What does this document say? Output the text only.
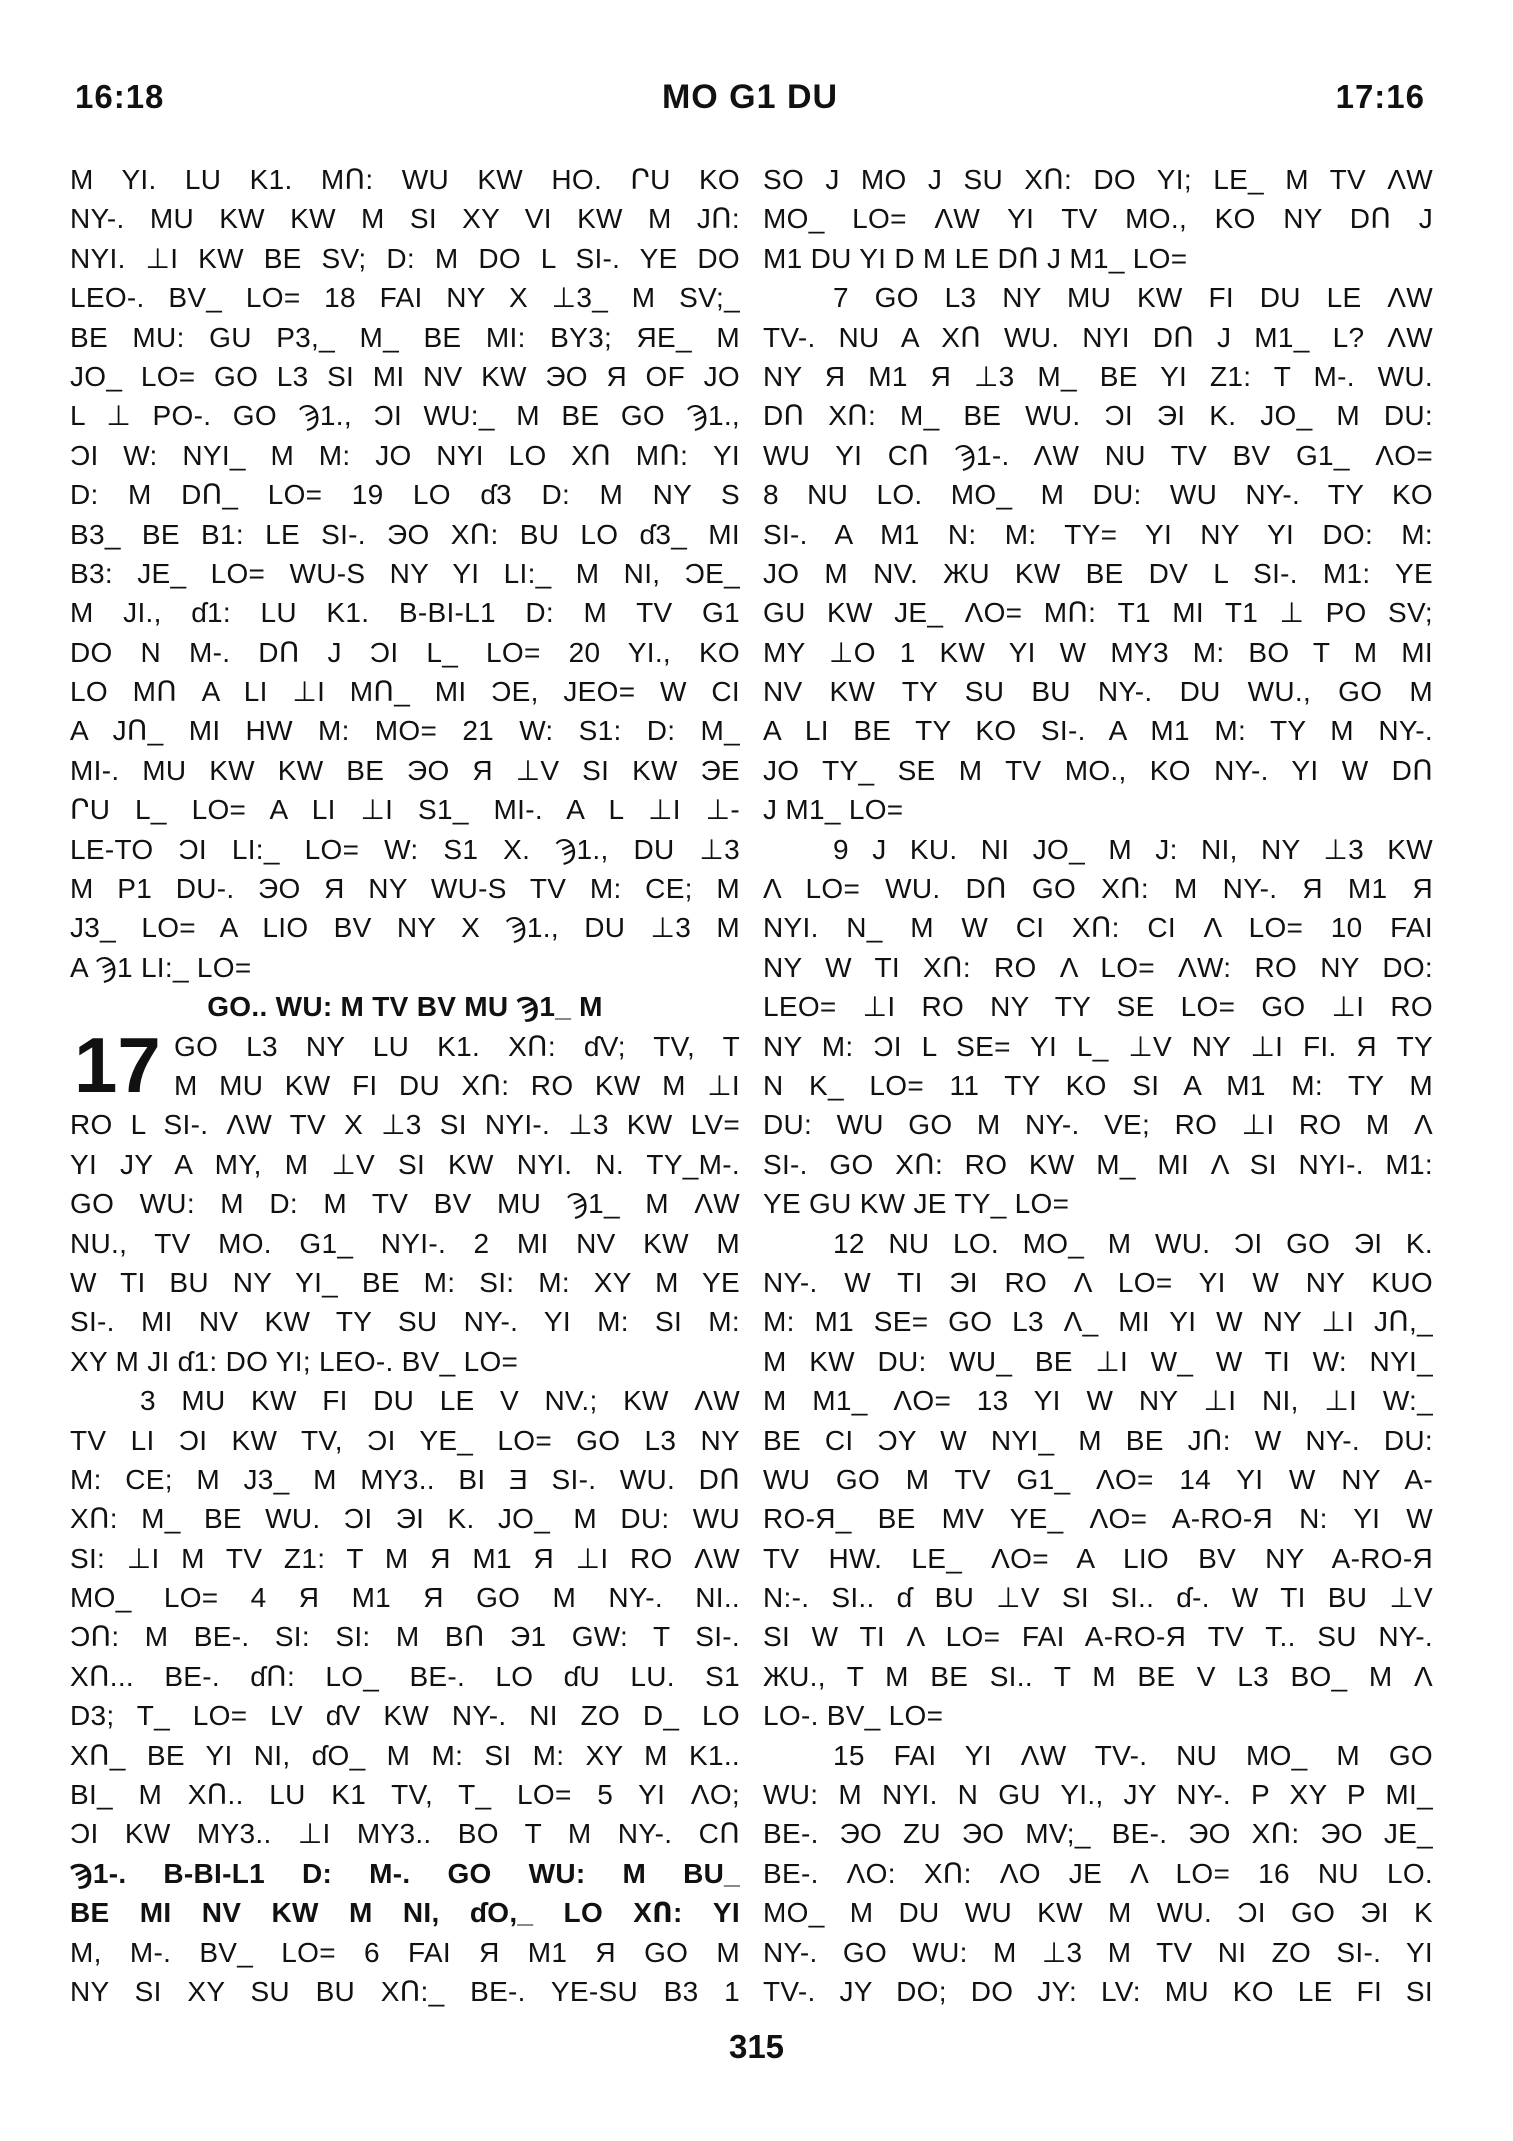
16:18	MO G1 DU	17:16
M YI. LU K1. MՈ: WU KW HO. ՐU KO
NY-. MU KW KW M SI XY VI KW M JՈ:
NYI. ⊥I KW BE SV; D: M DO L SI-. YE DO
LEO-. BV_ LO= 18 FAI NY X ⊥3_ M SV;_
BE MU: GU P3,_ M_ BE MI: BY3; ЯE_ M
JO_ LO= GO L3 SI MI NV KW ЭO Я OF JO
L ⊥ PO-. GO Ϡ1., ƆI WU:_ M BE GO Ϡ1.,
ƆI W: NYI_ M M: JO NYI LO XՈ MՈ: YI
D: M DՈ_ LO= 19 LO ɗ3 D: M NY S
B3_ BE B1: LE SI-. ЭO XՈ: BU LO ɗ3_ MI
B3: JE_ LO= WU-S NY YI LI:_ M NI, ƆE_
M JI., ɗ1: LU K1. B-BI-L1 D: M TV G1
DO N M-. DՈ J ƆI L_ LO= 20 YI., KO
LO MՈ A LI ⊥I MՈ_ MI ƆE, JEO= W CI
A JՈ_ MI HW M: MO= 21 W: S1: D: M_
MI-. MU KW KW BE ЭO Я ⊥V SI KW ЭE
ՐU L_ LO= A LI ⊥I S1_ MI-. A L ⊥I ⊥-
LE-TO ƆI LI:_ LO= W: S1 X. Ϡ1., DU ⊥3
M P1 DU-. ЭO Я NY WU-S TV M: CE; M
J3_ LO= A LIO BV NY X Ϡ1., DU ⊥3 M
A Ϡ1 LI:_ LO=
GO.. WU: M TV BV MU Ϡ1_ M
17 GO L3 NY LU K1. XՈ: ɗV; TV, T
M MU KW FI DU XՈ: RO KW M ⊥I
RO L SI-. ΛW TV X ⊥3 SI NYI-. ⊥3 KW LV=
YI JY A MY, M ⊥V SI KW NYI. N. TY_M-.
GO WU: M D: M TV BV MU Ϡ1_ M ΛW
NU., TV MO. G1_ NYI-. 2 MI NV KW M
W TI BU NY YI_ BE M: SI: M: XY M YE
SI-. MI NV KW TY SU NY-. YI M: SI M:
XY M JI ɗ1: DO YI; LEO-. BV_ LO=
3 MU KW FI DU LE V NV.; KW ΛW
TV LI ƆI KW TV, ƆI YE_ LO= GO L3 NY
M: CE; M J3_ M MY3.. BI Ǝ SI-. WU. DՈ
XՈ: M_ BE WU. ƆI ЭI K. JO_ M DU: WU
SI: ⊥I M TV Z1: T M Я M1 Я ⊥I RO ΛW
MO_ LO= 4 Я M1 Я GO M NY-. NI..
ƆՈ: M BE-. SI: SI: M BՈ Э1 GW: T SI-.
XՈ... BE-. ɗՈ: LO_ BE-. LO ɗU LU. S1
D3; T_ LO= LV ɗV KW NY-. NI ZO D_ LO
XՈ_ BE YI NI, ɗO_ M M: SI M: XY M K1..
BI_ M XՈ.. LU K1 TV, T_ LO= 5 YI ΛO;
ƆI KW MY3.. ⊥I MY3.. BO T M NY-. CՈ
Ϡ1-. B-BI-L1 D: M-. GO WU: M BU_
BE MI NV KW M NI, ɗO,_ LO XՈ: YI
M, M-. BV_ LO= 6 FAI Я M1 Я GO M
NY SI XY SU BU XՈ:_ BE-. YE-SU B3 1
SO J MO J SU XՈ: DO YI; LE_ M TV ΛW
MO_ LO= ΛW YI TV MO., KO NY DՈ J
M1 DU YI D M LE DՈ J M1_ LO=
7 GO L3 NY MU KW FI DU LE ΛW
TV-. NU A XՈ WU. NYI DՈ J M1_ L? ΛW
NY Я M1 Я ⊥3 M_ BE YI Z1: T M-. WU.
DՈ XՈ: M_ BE WU. ƆI ЭI K. JO_ M DU:
WU YI CՈ Ϡ1-. ΛW NU TV BV G1_ ΛO=
8 NU LO. MO_ M DU: WU NY-. TY KO
SI-. A M1 N: M: TY= YI NY YI DO: M:
JO M NV. ЖU KW BE DV L SI-. M1: YE
GU KW JE_ ΛO= MՈ: T1 MI T1 ⊥ PO SV;
MY ⊥O 1 KW YI W MY3 M: BO T M MI
NV KW TY SU BU NY-. DU WU., GO M
A LI BE TY KO SI-. A M1 M: TY M NY-.
JO TY_ SE M TV MO., KO NY-. YI W DՈ
J M1_ LO=
9 J KU. NI JO_ M J: NI, NY ⊥3 KW
Λ LO= WU. DՈ GO XՈ: M NY-. Я M1 Я
NYI. N_ M W CI XՈ: CI Λ LO= 10 FAI
NY W TI XՈ: RO Λ LO= ΛW: RO NY DO:
LEO= ⊥I RO NY TY SE LO= GO ⊥I RO
NY M: ƆI L SE= YI L_ ⊥V NY ⊥I FI. Я TY
N K_ LO= 11 TY KO SI A M1 M: TY M
DU: WU GO M NY-. VE; RO ⊥I RO M Λ
SI-. GO XՈ: RO KW M_ MI Λ SI NYI-. M1:
YE GU KW JE TY_ LO=
12 NU LO. MO_ M WU. ƆI GO ЭI K.
NY-. W TI ЭI RO Λ LO= YI W NY KUO
M: M1 SE= GO L3 Λ_ MI YI W NY ⊥I JՈ,_
M KW DU: WU_ BE ⊥I W_ W TI W: NYI_
M M1_ ΛO= 13 YI W NY ⊥I NI, ⊥I W:_
BE CI ƆY W NYI_ M BE JՈ: W NY-. DU:
WU GO M TV G1_ ΛO= 14 YI W NY A-
RO-Я_ BE MV YE_ ΛO= A-RO-Я N: YI W
TV HW. LE_ ΛO= A LIO BV NY A-RO-Я
N:-. SI.. ɗ BU ⊥V SI SI.. ɗ-. W TI BU ⊥V
SI W TI Λ LO= FAI A-RO-Я TV T.. SU NY-.
ЖU., T M BE SI.. T M BE V L3 BO_ M Λ
LO-. BV_ LO=
15 FAI YI ΛW TV-. NU MO_ M GO
WU: M NYI. N GU YI., JY NY-. P XY P MI_
BE-. ЭO ZU ЭO MV;_ BE-. ЭO XՈ: ЭO JE_
BE-. ΛO: XՈ: ΛO JE Λ LO= 16 NU LO.
MO_ M DU WU KW M WU. ƆI GO ЭI K
NY-. GO WU: M ⊥3 M TV NI ZO SI-. YI
TV-. JY DO; DO JY: LV: MU KO LE FI SI
315
